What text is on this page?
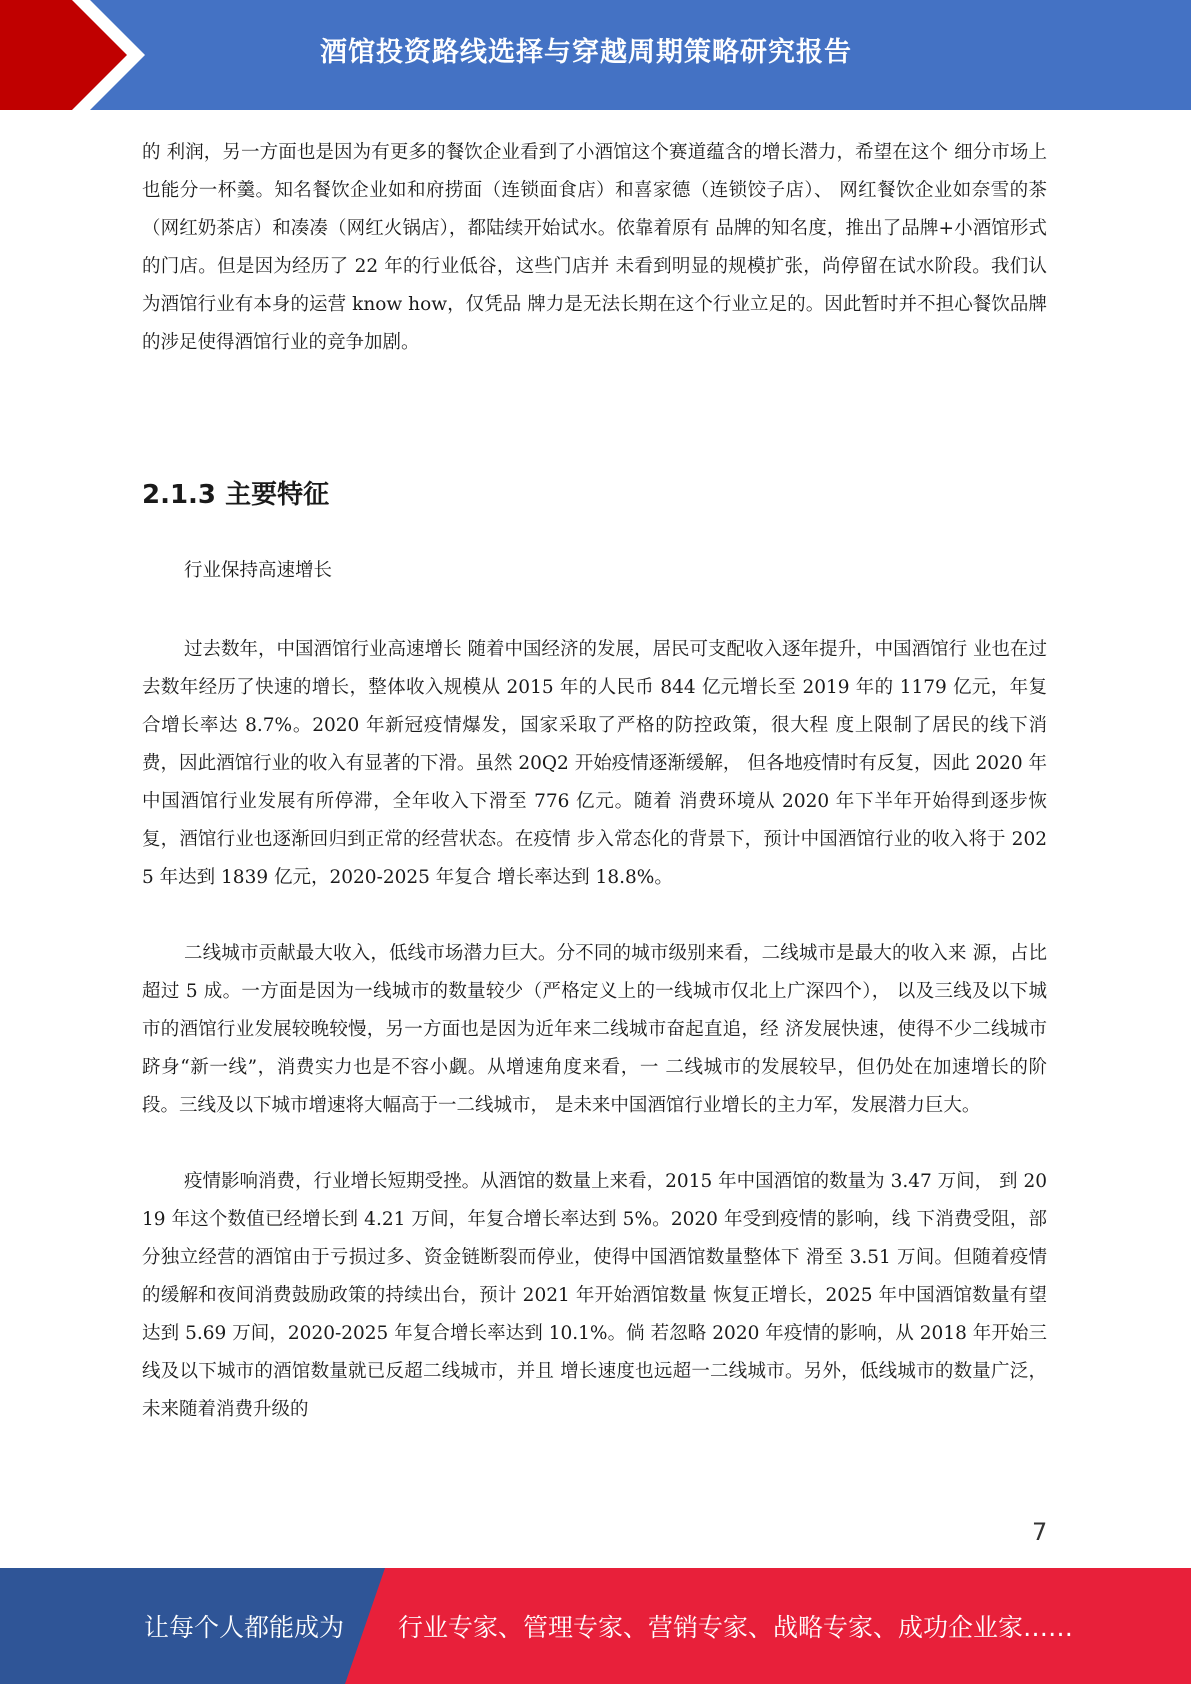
酒馆投资路线选择与穿越周期策略研究报告

的 利润，另一方面也是因为有更多的餐饮企业看到了小酒馆这个赛道蕴含的增长潜力，希望在这个 细分市场上也能分一杯羹。知名餐饮企业如和府捞面（连锁面食店）和喜家德（连锁饺子店）、 网红餐饮企业如奈雪的茶（网红奶茶店）和凑凑（网红火锅店），都陆续开始试水。依靠着原有 品牌的知名度，推出了品牌+小酒馆形式的门店。但是因为经历了 22 年的行业低谷，这些门店并 未看到明显的规模扩张，尚停留在试水阶段。我们认为酒馆行业有本身的运营 know how，仅凭品 牌力是无法长期在这个行业立足的。因此暂时并不担心餐饮品牌的涉足使得酒馆行业的竞争加剧。

2.1.3 主要特征

行业保持高速增长

过去数年，中国酒馆行业高速增长 随着中国经济的发展，居民可支配收入逐年提升，中国酒馆行 业也在过去数年经历了快速的增长，整体收入规模从 2015 年的人民币 844 亿元增长至 2019 年的 1179 亿元，年复合增长率达 8.7%。2020 年新冠疫情爆发，国家采取了严格的防控政策，很大程 度上限制了居民的线下消费，因此酒馆行业的收入有显著的下滑。虽然 20Q2 开始疫情逐渐缓解， 但各地疫情时有反复，因此 2020 年中国酒馆行业发展有所停滞，全年收入下滑至 776 亿元。随着 消费环境从 2020 年下半年开始得到逐步恢复，酒馆行业也逐渐回归到正常的经营状态。在疫情 步入常态化的背景下，预计中国酒馆行业的收入将于 2025 年达到 1839 亿元，2020-2025 年复合 增长率达到 18.8%。

二线城市贡献最大收入，低线市场潜力巨大。分不同的城市级别来看，二线城市是最大的收入来 源，占比超过 5 成。一方面是因为一线城市的数量较少（严格定义上的一线城市仅北上广深四个）， 以及三线及以下城市的酒馆行业发展较晚较慢，另一方面也是因为近年来二线城市奋起直追，经 济发展快速，使得不少二线城市跻身“新一线”，消费实力也是不容小觑。从增速角度来看，一 二线城市的发展较早，但仍处在加速增长的阶段。三线及以下城市增速将大幅高于一二线城市， 是未来中国酒馆行业增长的主力军，发展潜力巨大。

疫情影响消费，行业增长短期受挫。从酒馆的数量上来看，2015 年中国酒馆的数量为 3.47 万间， 到 2019 年这个数值已经增长到 4.21 万间，年复合增长率达到 5%。2020 年受到疫情的影响，线 下消费受阻，部分独立经营的酒馆由于亏损过多、资金链断裂而停业，使得中国酒馆数量整体下 滑至 3.51 万间。但随着疫情的缓解和夜间消费鼓励政策的持续出台，预计 2021 年开始酒馆数量 恢复正增长，2025 年中国酒馆数量有望达到 5.69 万间，2020-2025 年复合增长率达到 10.1%。倘 若忽略 2020 年疫情的影响，从 2018 年开始三线及以下城市的酒馆数量就已反超二线城市，并且 增长速度也远超一二线城市。另外，低线城市的数量广泛，未来随着消费升级的

7
让每个人都能成为 行业专家、管理专家、营销专家、战略专家、成功企业家……
